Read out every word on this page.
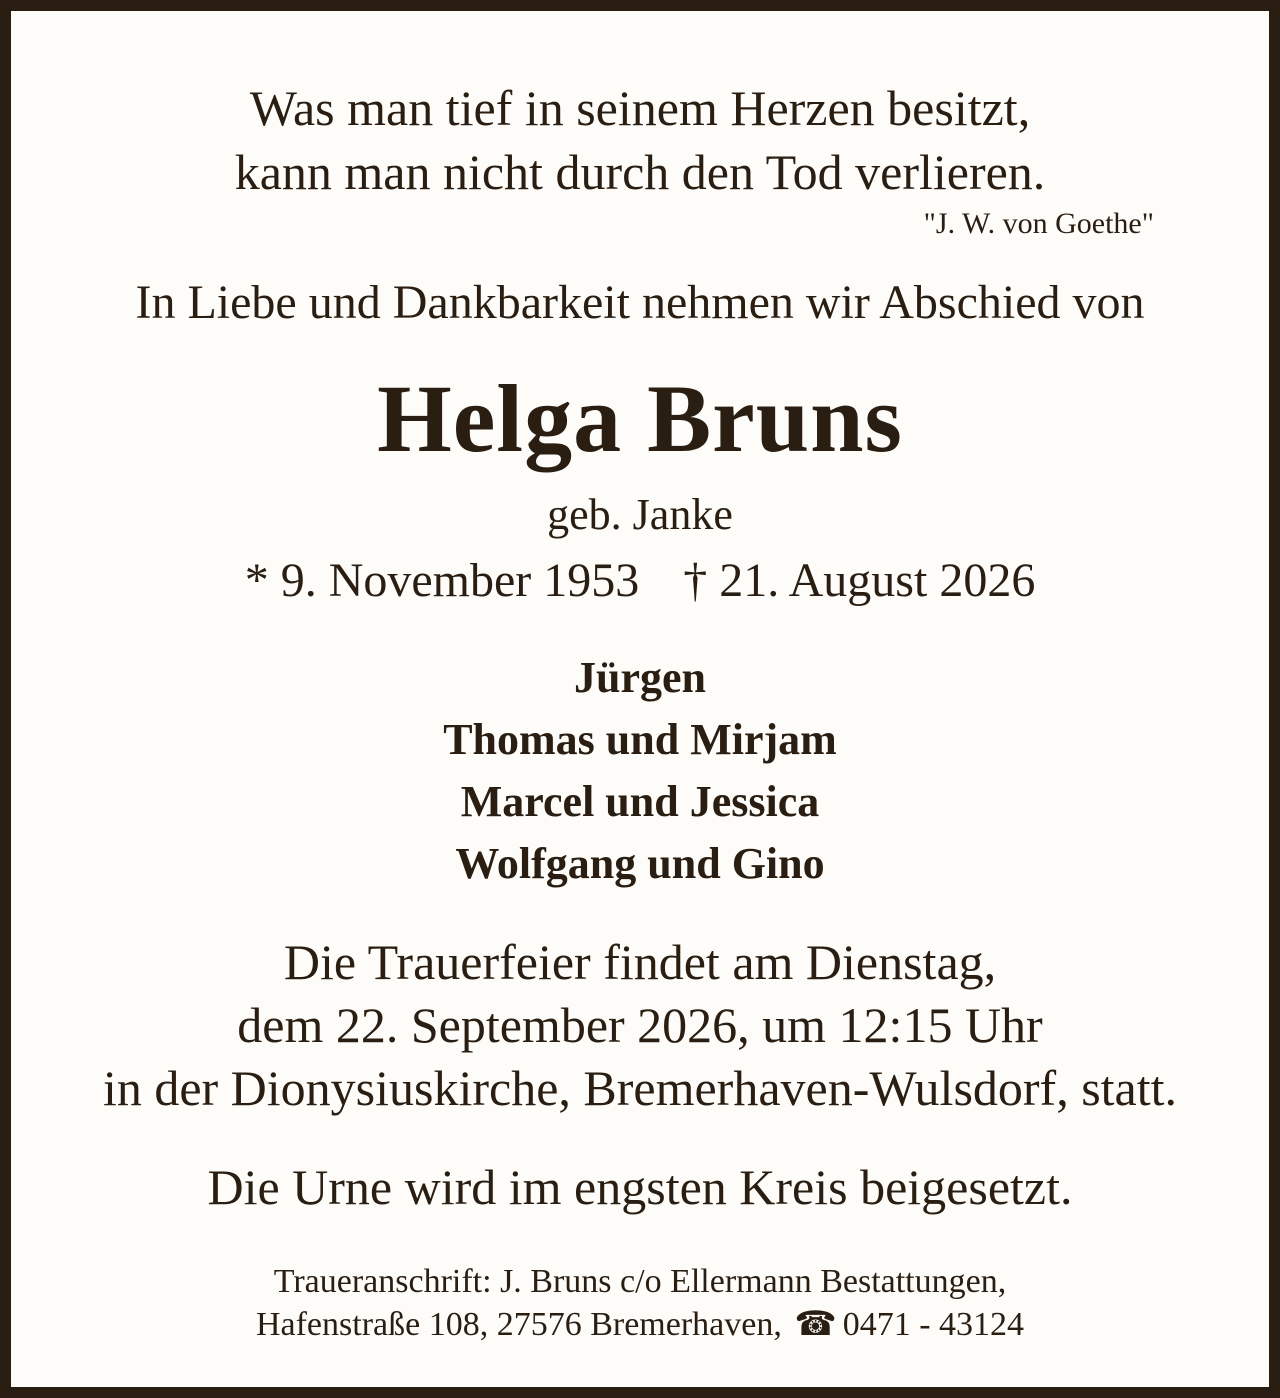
Was man tief in seinem Herzen besitzt,
kann man nicht durch den Tod verlieren.
"J. W. von Goethe"
In Liebe und Dankbarkeit nehmen wir Abschied von
Helga Bruns
geb. Janke
* 9. November 1953 † 21. August 2026
Jürgen
Thomas und Mirjam
Marcel und Jessica
Wolfgang und Gino
Die Trauerfeier findet am Dienstag,
dem 22. September 2026, um 12:15 Uhr
in der Dionysiuskirche, Bremerhaven-Wulsdorf, statt.
Die Urne wird im engsten Kreis beigesetzt.
Traueranschrift: J. Bruns c/o Ellermann Bestattungen,
Hafenstraße 108, 27576 Bremerhaven, ☎ 0471 - 43124
